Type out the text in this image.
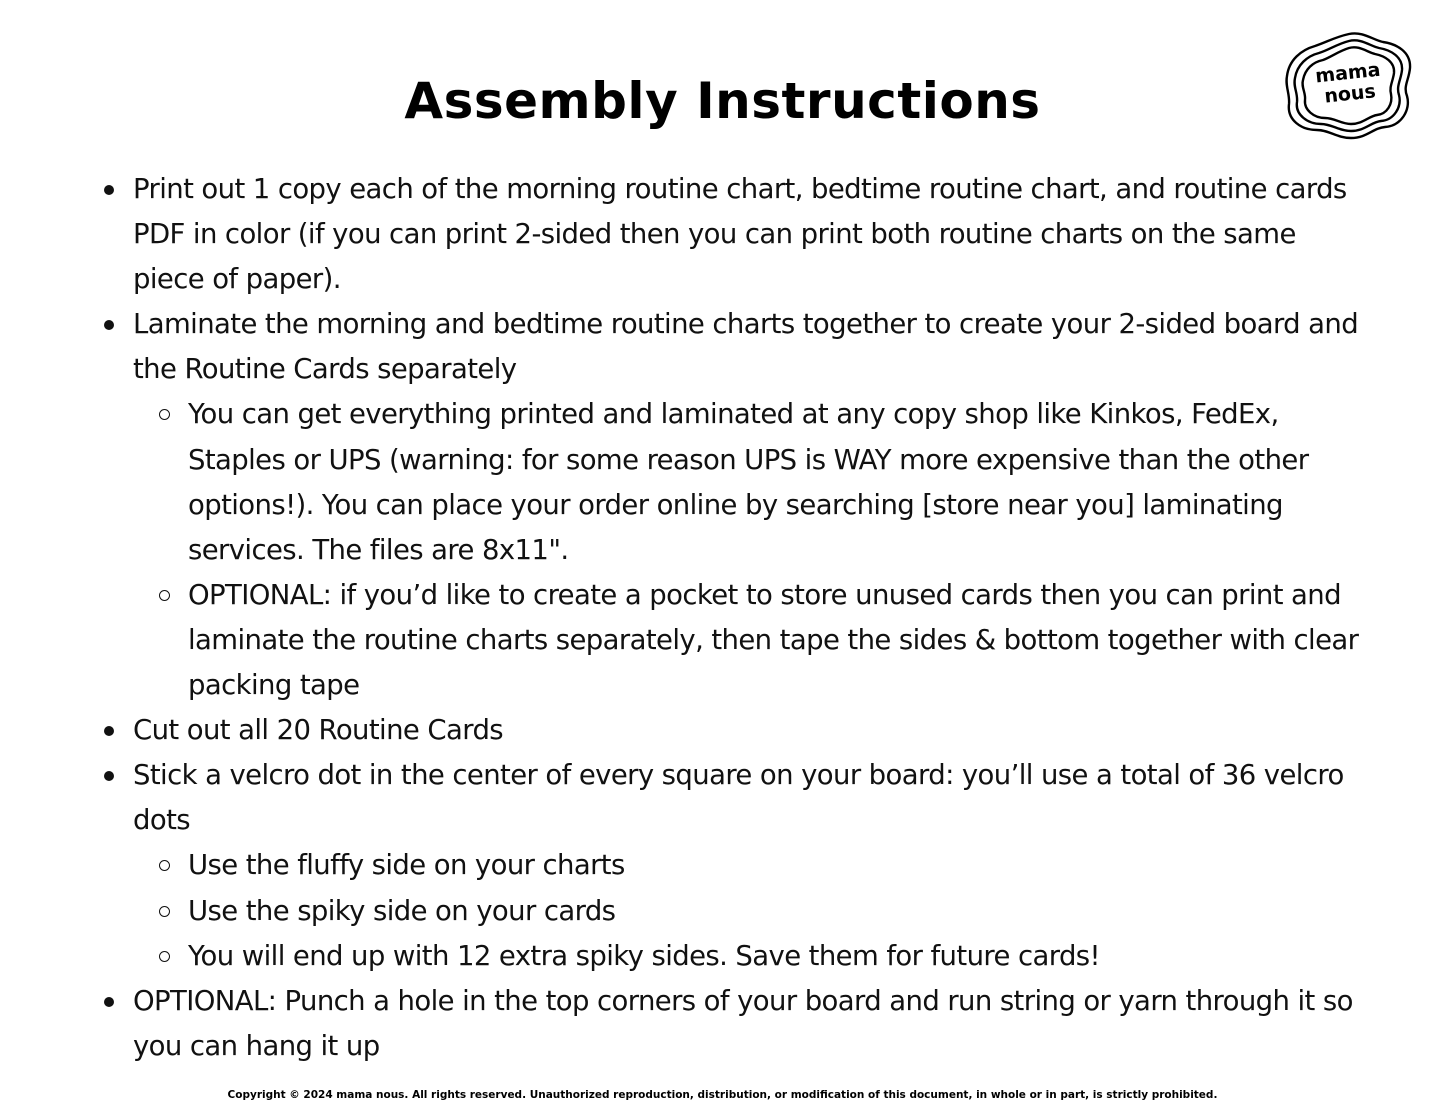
Assembly Instructions	mama
nous
Print out 1 copy each of the morning routine chart, bedtime routine chart, and routine cards PDF in color (if you can print 2-sided then you can print both routine charts on the same piece of paper).
Laminate the morning and bedtime routine charts together to create your 2-sided board and the Routine Cards separately
You can get everything printed and laminated at any copy shop like Kinkos, FedEx, Staples or UPS (warning: for some reason UPS is WAY more expensive than the other options!). You can place your order online by searching [store near you] laminating services. The files are 8x11".
OPTIONAL: if you’d like to create a pocket to store unused cards then you can print and laminate the routine charts separately, then tape the sides & bottom together with clear packing tape
Cut out all 20 Routine Cards
Stick a velcro dot in the center of every square on your board: you’ll use a total of 36 velcro dots
Use the fluffy side on your charts
Use the spiky side on your cards
You will end up with 12 extra spiky sides. Save them for future cards!
OPTIONAL: Punch a hole in the top corners of your board and run string or yarn through it so you can hang it up
Copyright © 2024 mama nous. All rights reserved. Unauthorized reproduction, distribution, or modification of this document, in whole or in part, is strictly prohibited.
